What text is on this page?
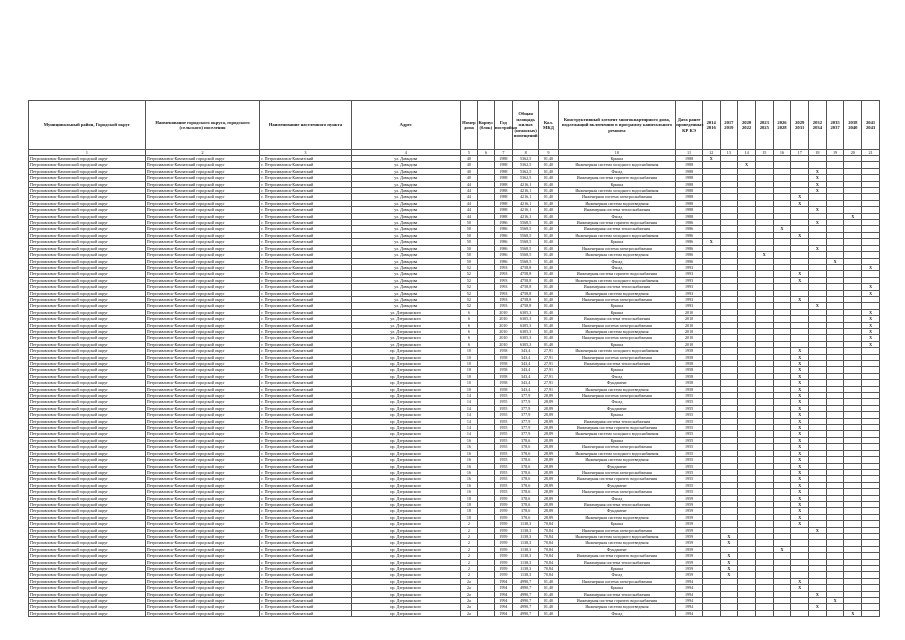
Муниципальный район, Городской округ	Наименование городского округа, городского (сельского) поселения	Наименование населенного пункта	Адрес	Номер дома	Корпус (блок)	Год постройки	Общая площадь жилых (нежилых) помещений	Кол. МКД	Конструктивный элемент многоквартирного дома, подлежащий включению в программу капитального ремонта	Дата ранее проведенных КР КЭ	2014 2016	2017 2019	2020 2022	2023 2025	2026 2028	2029 2031	2032 2034	2035 2037	2038 2040	2041 2043
1	2	3	4	5	6	7	8	9	10	11	12	13	14	15	16	17	18	19	20	21
Петропавловск-Камчатский городской округ	Петропавловск-Камчатский городской округ	г. Петропавловск-Камчатский	ул. Давыдова	40		1988	5362,5	01,40	Крыша	1988	X									
Петропавловск-Камчатский городской округ	Петропавловск-Камчатский городской округ	г. Петропавловск-Камчатский	ул. Давыдова	40		1988	5362,5	01,40	Инженерная система холодного водоснабжения	1988			X							
Петропавловск-Камчатский городской округ	Петропавловск-Камчатский городской округ	г. Петропавловск-Камчатский	ул. Давыдова	40		1988	5362,5	01,40	Фасад	1988							X			
Петропавловск-Камчатский городской округ	Петропавловск-Камчатский городской округ	г. Петропавловск-Камчатский	ул. Давыдова	40		1988	5362,5	01,40	Инженерная система горячего водоснабжения	1988							X			
Петропавловск-Камчатский городской округ	Петропавловск-Камчатский городской округ	г. Петропавловск-Камчатский	ул. Давыдова	44		1988	4216,1	01,40	Крыша	1988							X			
Петропавловск-Камчатский городской округ	Петропавловск-Камчатский городской округ	г. Петропавловск-Камчатский	ул. Давыдова	44		1988	4216,1	01,40	Инженерная система холодного водоснабжения	1988							X			
Петропавловск-Камчатский городской округ	Петропавловск-Камчатский городской округ	г. Петропавловск-Камчатский	ул. Давыдова	44		1988	4216,1	01,40	Инженерная система электроснабжения	1988						X				
Петропавловск-Камчатский городской округ	Петропавловск-Камчатский городской округ	г. Петропавловск-Камчатский	ул. Давыдова	44		1988	4216,1	01,40	Инженерная система водоотведения	1988						X				
Петропавловск-Камчатский городской округ	Петропавловск-Камчатский городской округ	г. Петропавловск-Камчатский	ул. Давыдова	44		1988	4216,1	01,40	Инженерная система теплоснабжения	1988							X			
Петропавловск-Камчатский городской округ	Петропавловск-Камчатский городской округ	г. Петропавловск-Камчатский	ул. Давыдова	44		1988	4216,1	01,40	Фасад	1988									X	
Петропавловск-Камчатский городской округ	Петропавловск-Камчатский городской округ	г. Петропавловск-Камчатский	ул. Давыдова	50		1986	5568,5	01,40	Инженерная система горячего водоснабжения	1986							X			
Петропавловск-Камчатский городской округ	Петропавловск-Камчатский городской округ	г. Петропавловск-Камчатский	ул. Давыдова	50		1986	5568,5	01,40	Инженерная система теплоснабжения	1986					X					
Петропавловск-Камчатский городской округ	Петропавловск-Камчатский городской округ	г. Петропавловск-Камчатский	ул. Давыдова	50		1986	5568,5	01,40	Инженерная система холодного водоснабжения	1986						X				
Петропавловск-Камчатский городской округ	Петропавловск-Камчатский городской округ	г. Петропавловск-Камчатский	ул. Давыдова	50		1986	5568,5	01,40	Крыша	1986	X									
Петропавловск-Камчатский городской округ	Петропавловск-Камчатский городской округ	г. Петропавловск-Камчатский	ул. Давыдова	50		1986	5568,5	01,40	Инженерная система электроснабжения	1986							X			
Петропавловск-Камчатский городской округ	Петропавловск-Камчатский городской округ	г. Петропавловск-Камчатский	ул. Давыдова	50		1986	5568,5	01,40	Инженерная система водоотведения	1986				X						
Петропавловск-Камчатский городской округ	Петропавловск-Камчатский городской округ	г. Петропавловск-Камчатский	ул. Давыдова	50		1986	5568,5	01,40	Фасад	1986								X		
Петропавловск-Камчатский городской округ	Петропавловск-Камчатский городской округ	г. Петропавловск-Камчатский	ул. Давыдова	52		1993	4758,8	01,40	Фасад	1993										X
Петропавловск-Камчатский городской округ	Петропавловск-Камчатский городской округ	г. Петропавловск-Камчатский	ул. Давыдова	52		1993	4758,8	01,40	Инженерная система горячего водоснабжения	1993						X				
Петропавловск-Камчатский городской округ	Петропавловск-Камчатский городской округ	г. Петропавловск-Камчатский	ул. Давыдова	52		1993	4758,8	01,40	Инженерная система холодного водоснабжения	1993						X				
Петропавловск-Камчатский городской округ	Петропавловск-Камчатский городской округ	г. Петропавловск-Камчатский	ул. Давыдова	52		1993	4758,8	01,40	Инженерная система теплоснабжения	1993										X
Петропавловск-Камчатский городской округ	Петропавловск-Камчатский городской округ	г. Петропавловск-Камчатский	ул. Давыдова	52		1993	4758,8	01,40	Инженерная система водоотведения	1993										X
Петропавловск-Камчатский городской округ	Петропавловск-Камчатский городской округ	г. Петропавловск-Камчатский	ул. Давыдова	52		1993	4758,8	01,40	Инженерная система электроснабжения	1993						X				
Петропавловск-Камчатский городской округ	Петропавловск-Камчатский городской округ	г. Петропавловск-Камчатский	ул. Давыдова	52		1993	4758,8	01,40	Крыша	1993							X			
Петропавловск-Камчатский городской округ	Петропавловск-Камчатский городской округ	г. Петропавловск-Камчатский	ул. Дзержинского	6		2010	6305,3	01,40	Крыша	2010										X
Петропавловск-Камчатский городской округ	Петропавловск-Камчатский городской округ	г. Петропавловск-Камчатский	ул. Дзержинского	6		2010	6305,3	01,40	Инженерная система теплоснабжения	2010										X
Петропавловск-Камчатский городской округ	Петропавловск-Камчатский городской округ	г. Петропавловск-Камчатский	ул. Дзержинского	6		2010	6305,3	01,40	Инженерная система электроснабжения	2010										X
Петропавловск-Камчатский городской округ	Петропавловск-Камчатский городской округ	г. Петропавловск-Камчатский	ул. Дзержинского	6		2010	6305,3	01,40	Инженерная система водоотведения	2010										X
Петропавловск-Камчатский городской округ	Петропавловск-Камчатский городской округ	г. Петропавловск-Камчатский	ул. Дзержинского	6		2010	6305,3	01,40	Инженерная система электроснабжения	2010										X
Петропавловск-Камчатский городской округ	Петропавловск-Камчатский городской округ	г. Петропавловск-Камчатский	ул. Дзержинского	6		2010	6305,3	01,40	Крыша	2010										X
Петропавловск-Камчатский городской округ	Петропавловск-Камчатский городской округ	г. Петропавловск-Камчатский	пр. Дзержинского	10		1958	343,4	27,91	Инженерная система холодного водоснабжения	1958						X				
Петропавловск-Камчатский городской округ	Петропавловск-Камчатский городской округ	г. Петропавловск-Камчатский	пр. Дзержинского	10		1958	343,4	27,91	Инженерная система электроснабжения	1958						X				
Петропавловск-Камчатский городской округ	Петропавловск-Камчатский городской округ	г. Петропавловск-Камчатский	пр. Дзержинского	10		1958	343,4	27,91	Инженерная система теплоснабжения	1958						X				
Петропавловск-Камчатский городской округ	Петропавловск-Камчатский городской округ	г. Петропавловск-Камчатский	пр. Дзержинского	10		1958	343,4	27,91	Крыша	1958						X				
Петропавловск-Камчатский городской округ	Петропавловск-Камчатский городской округ	г. Петропавловск-Камчатский	пр. Дзержинского	10		1958	343,4	27,91	Фасад	1958						X				
Петропавловск-Камчатский городской округ	Петропавловск-Камчатский городской округ	г. Петропавловск-Камчатский	пр. Дзержинского	10		1958	343,4	27,91	Фундамент	1958						X				
Петропавловск-Камчатский городской округ	Петропавловск-Камчатский городской округ	г. Петропавловск-Камчатский	пр. Дзержинского	10		1958	343,4	27,91	Инженерная система водоотведения	1958						X				
Петропавловск-Камчатский городской округ	Петропавловск-Камчатский городской округ	г. Петропавловск-Камчатский	пр. Дзержинского	14		1955	377,9	28,89	Инженерная система электроснабжения	1955						X				
Петропавловск-Камчатский городской округ	Петропавловск-Камчатский городской округ	г. Петропавловск-Камчатский	пр. Дзержинского	14		1955	377,9	28,89	Фасад	1955						X				
Петропавловск-Камчатский городской округ	Петропавловск-Камчатский городской округ	г. Петропавловск-Камчатский	пр. Дзержинского	14		1955	377,9	28,89	Фундамент	1955						X				
Петропавловск-Камчатский городской округ	Петропавловск-Камчатский городской округ	г. Петропавловск-Камчатский	пр. Дзержинского	14		1955	377,9	28,89	Крыша	1955						X				
Петропавловск-Камчатский городской округ	Петропавловск-Камчатский городской округ	г. Петропавловск-Камчатский	пр. Дзержинского	14		1955	377,9	28,89	Инженерная система теплоснабжения	1955						X				
Петропавловск-Камчатский городской округ	Петропавловск-Камчатский городской округ	г. Петропавловск-Камчатский	пр. Дзержинского	14		1955	377,9	28,89	Инженерная система горячего водоснабжения	1955						X				
Петропавловск-Камчатский городской округ	Петропавловск-Камчатский городской округ	г. Петропавловск-Камчатский	пр. Дзержинского	14		1955	377,9	28,89	Инженерная система холодного водоснабжения	1955						X				
Петропавловск-Камчатский городской округ	Петропавловск-Камчатский городской округ	г. Петропавловск-Камчатский	пр. Дзержинского	16		1955	378,6	28,89	Крыша	1955						X				
Петропавловск-Камчатский городской округ	Петропавловск-Камчатский городской округ	г. Петропавловск-Камчатский	пр. Дзержинского	16		1955	378,6	28,89	Инженерная система электроснабжения	1955						X				
Петропавловск-Камчатский городской округ	Петропавловск-Камчатский городской округ	г. Петропавловск-Камчатский	пр. Дзержинского	16		1955	378,6	28,89	Инженерная система холодного водоснабжения	1955						X				
Петропавловск-Камчатский городской округ	Петропавловск-Камчатский городской округ	г. Петропавловск-Камчатский	пр. Дзержинского	16		1955	378,6	28,89	Инженерная система водоотведения	1955						X				
Петропавловск-Камчатский городской округ	Петропавловск-Камчатский городской округ	г. Петропавловск-Камчатский	пр. Дзержинского	16		1955	378,6	28,89	Фундамент	1955						X				
Петропавловск-Камчатский городской округ	Петропавловск-Камчатский городской округ	г. Петропавловск-Камчатский	пр. Дзержинского	16		1955	378,6	28,89	Инженерная система электроснабжения	1955						X				
Петропавловск-Камчатский городской округ	Петропавловск-Камчатский городской округ	г. Петропавловск-Камчатский	пр. Дзержинского	16		1955	378,6	28,89	Инженерная система горячего водоснабжения	1955						X				
Петропавловск-Камчатский городской округ	Петропавловск-Камчатский городской округ	г. Петропавловск-Камчатский	пр. Дзержинского	16		1955	378,6	28,89	Фундамент	1955						X				
Петропавловск-Камчатский городской округ	Петропавловск-Камчатский городской округ	г. Петропавловск-Камчатский	пр. Дзержинского	16		1955	378,6	28,89	Инженерная система электроснабжения	1955						X				
Петропавловск-Камчатский городской округ	Петропавловск-Камчатский городской округ	г. Петропавловск-Камчатский	пр. Дзержинского	18		1959	378,6	28,89	Фасад	1959						X				
Петропавловск-Камчатский городской округ	Петропавловск-Камчатский городской округ	г. Петропавловск-Камчатский	пр. Дзержинского	18		1959	378,6	28,89	Инженерная система теплоснабжения	1959						X				
Петропавловск-Камчатский городской округ	Петропавловск-Камчатский городской округ	г. Петропавловск-Камчатский	пр. Дзержинского	18		1959	378,6	28,89	Фундамент	1959						X				
Петропавловск-Камчатский городской округ	Петропавловск-Камчатский городской округ	г. Петропавловск-Камчатский	пр. Дзержинского	18		1959	378,6	28,89	Инженерная система водоотведения	1959						X				
Петропавловск-Камчатский городской округ	Петропавловск-Камчатский городской округ	г. Петропавловск-Камчатский	пр. Дзержинского	2		1959	1138,3	70,84	Крыша	1959						X				
Петропавловск-Камчатский городской округ	Петропавловск-Камчатский городской округ	г. Петропавловск-Камчатский	пр. Дзержинского	2		1959	1138,3	70,84	Инженерная система электроснабжения	1959							X			
Петропавловск-Камчатский городской округ	Петропавловск-Камчатский городской округ	г. Петропавловск-Камчатский	пр. Дзержинского	2		1959	1138,3	70,84	Инженерная система холодного водоснабжения	1959		X								
Петропавловск-Камчатский городской округ	Петропавловск-Камчатский городской округ	г. Петропавловск-Камчатский	пр. Дзержинского	2		1959	1138,3	70,84	Инженерная система водоотведения	1959		X								
Петропавловск-Камчатский городской округ	Петропавловск-Камчатский городской округ	г. Петропавловск-Камчатский	пр. Дзержинского	2		1959	1138,3	70,84	Фундамент	1959					X					
Петропавловск-Камчатский городской округ	Петропавловск-Камчатский городской округ	г. Петропавловск-Камчатский	пр. Дзержинского	2		1959	1138,3	70,84	Инженерная система горячего водоснабжения	1959		X								
Петропавловск-Камчатский городской округ	Петропавловск-Камчатский городской округ	г. Петропавловск-Камчатский	пр. Дзержинского	2		1959	1138,3	70,84	Инженерная система теплоснабжения	1959		X								
Петропавловск-Камчатский городской округ	Петропавловск-Камчатский городской округ	г. Петропавловск-Камчатский	пр. Дзержинского	2		1959	1138,3	70,84	Крыша	1959		X								
Петропавловск-Камчатский городской округ	Петропавловск-Камчатский городской округ	г. Петропавловск-Камчатский	пр. Дзержинского	2		1959	1138,3	70,84	Фасад	1959		X								
Петропавловск-Камчатский городской округ	Петропавловск-Камчатский городской округ	г. Петропавловск-Камчатский	пр. Дзержинского	2а		1994	4990,7	01,40	Инженерная система электроснабжения	1994						X				
Петропавловск-Камчатский городской округ	Петропавловск-Камчатский городской округ	г. Петропавловск-Камчатский	пр. Дзержинского	2а		1994	4990,7	01,40	Крыша	1994						X				
Петропавловск-Камчатский городской округ	Петропавловск-Камчатский городской округ	г. Петропавловск-Камчатский	пр. Дзержинского	2а		1994	4990,7	01,40	Инженерная система теплоснабжения	1994							X			
Петропавловск-Камчатский городской округ	Петропавловск-Камчатский городской округ	г. Петропавловск-Камчатский	пр. Дзержинского	2а		1994	4990,7	01,40	Инженерная система горячего водоснабжения	1994								X		
Петропавловск-Камчатский городской округ	Петропавловск-Камчатский городской округ	г. Петропавловск-Камчатский	пр. Дзержинского	2а		1994	4990,7	01,40	Инженерная система водоотведения	1994							X			
Петропавловск-Камчатский городской округ	Петропавловск-Камчатский городской округ	г. Петропавловск-Камчатский	пр. Дзержинского	2а		1994	4990,7	01,40	Фасад	1994									X	
